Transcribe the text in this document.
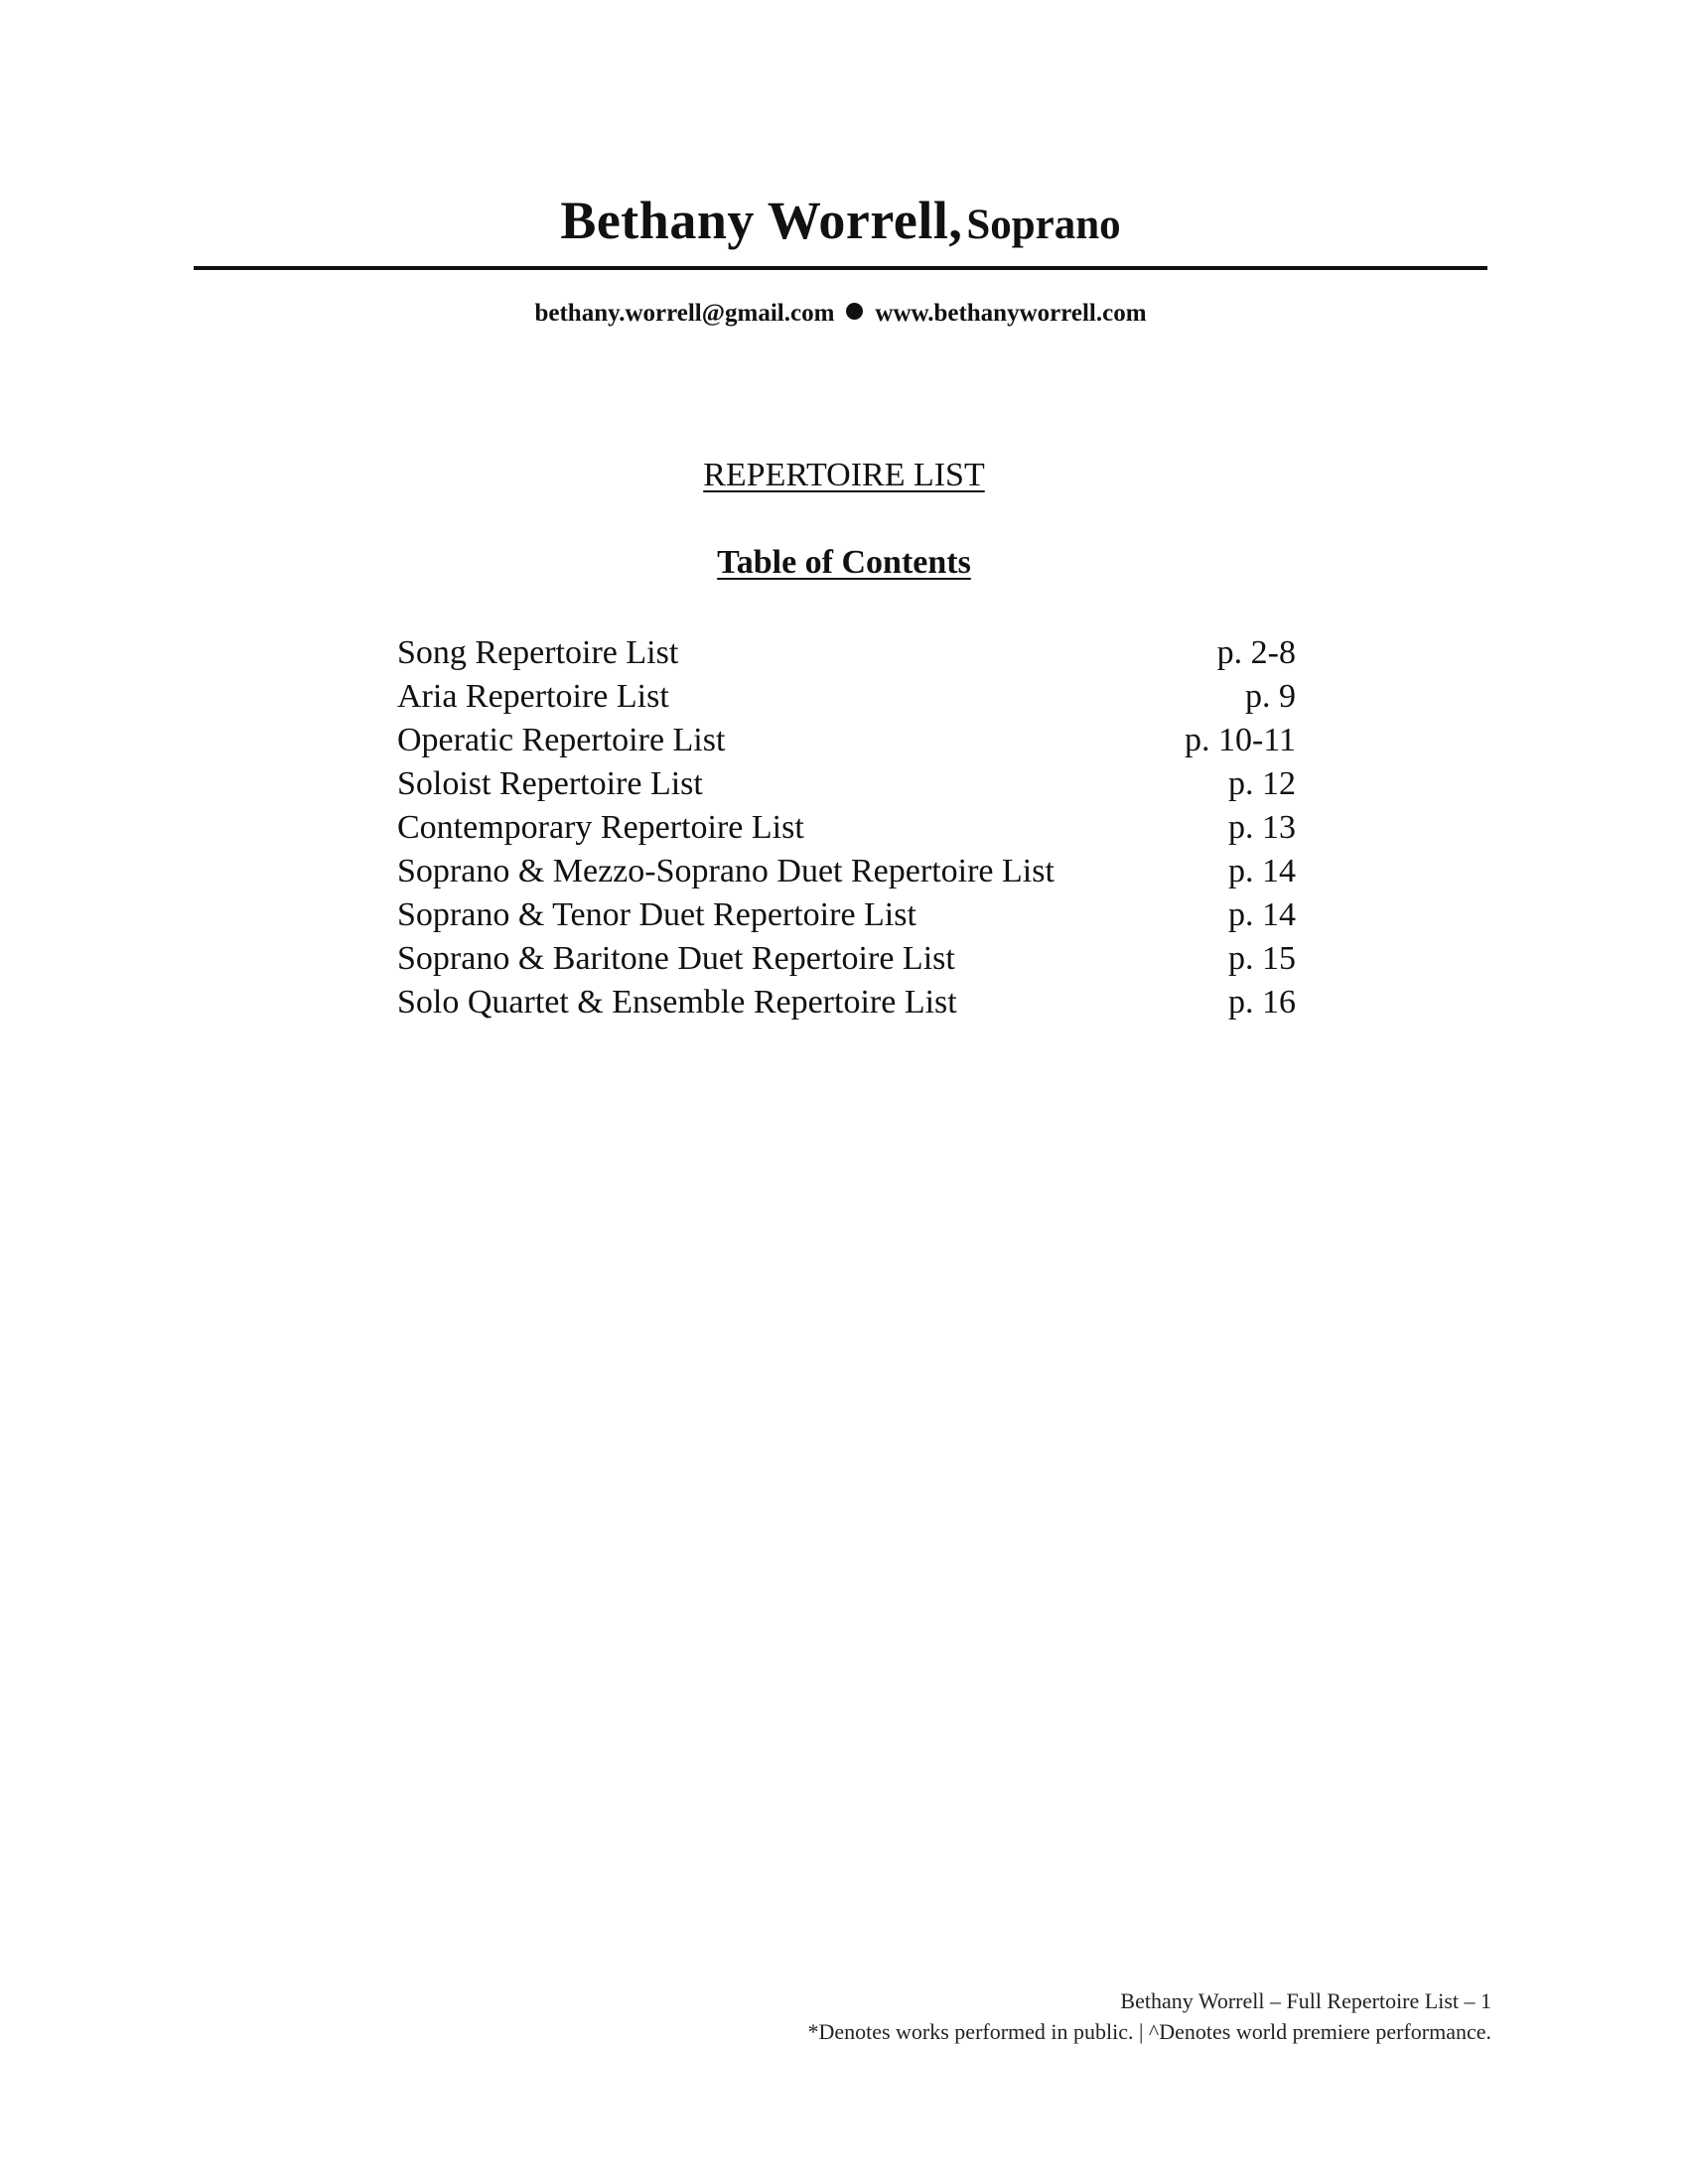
Bethany Worrell, Soprano
bethany.worrell@gmail.com www.bethanyworrell.com
REPERTOIRE LIST
Table of Contents
Song Repertoire List	p. 2-8
Aria Repertoire List	p. 9
Operatic Repertoire List	p. 10-11
Soloist Repertoire List	p. 12
Contemporary Repertoire List	p. 13
Soprano & Mezzo-Soprano Duet Repertoire List	p. 14
Soprano & Tenor Duet Repertoire List	p. 14
Soprano & Baritone Duet Repertoire List	p. 15
Solo Quartet & Ensemble Repertoire List	p. 16
Bethany Worrell – Full Repertoire List – 1
*Denotes works performed in public. | ^Denotes world premiere performance.
